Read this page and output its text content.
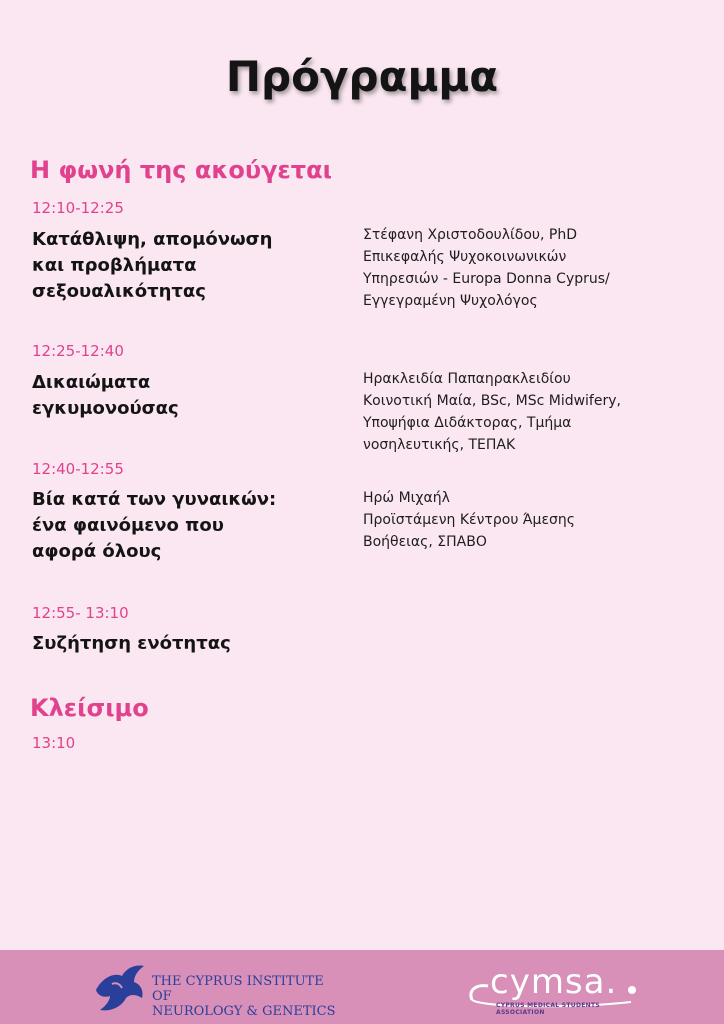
Πρόγραμμα
Η φωνή της ακούγεται
12:10-12:25
Κατάθλιψη, απομόνωση
και προβλήματα
σεξουαλικότητας
Στέφανη Χριστοδουλίδου, PhD
Επικεφαλής Ψυχοκοινωνικών
Υπηρεσιών - Europa Donna Cyprus/
Εγγεγραμένη Ψυχολόγος
12:25-12:40
Δικαιώματα
εγκυμονούσας
Ηρακλειδία Παπαηρακλειδίου
Κοινοτική Μαία, BSc, MSc Midwifery,
Υποψήφια Διδάκτορας, Τμήμα
νοσηλευτικής, ΤΕΠΑΚ
12:40-12:55
Βία κατά των γυναικών:
ένα φαινόμενο που
αφορά όλους
Ηρώ Μιχαήλ
Προϊστάμενη Κέντρου Άμεσης
Βοήθειας, ΣΠΑΒΟ
12:55- 13:10
Συζήτηση ενότητας
Κλείσιμο
13:10
THE CYPRUS INSTITUTE OF
NEUROLOGY & GENETICS
cymsa.
CYPRUS MEDICAL STUDENTS ASSOCIATION
